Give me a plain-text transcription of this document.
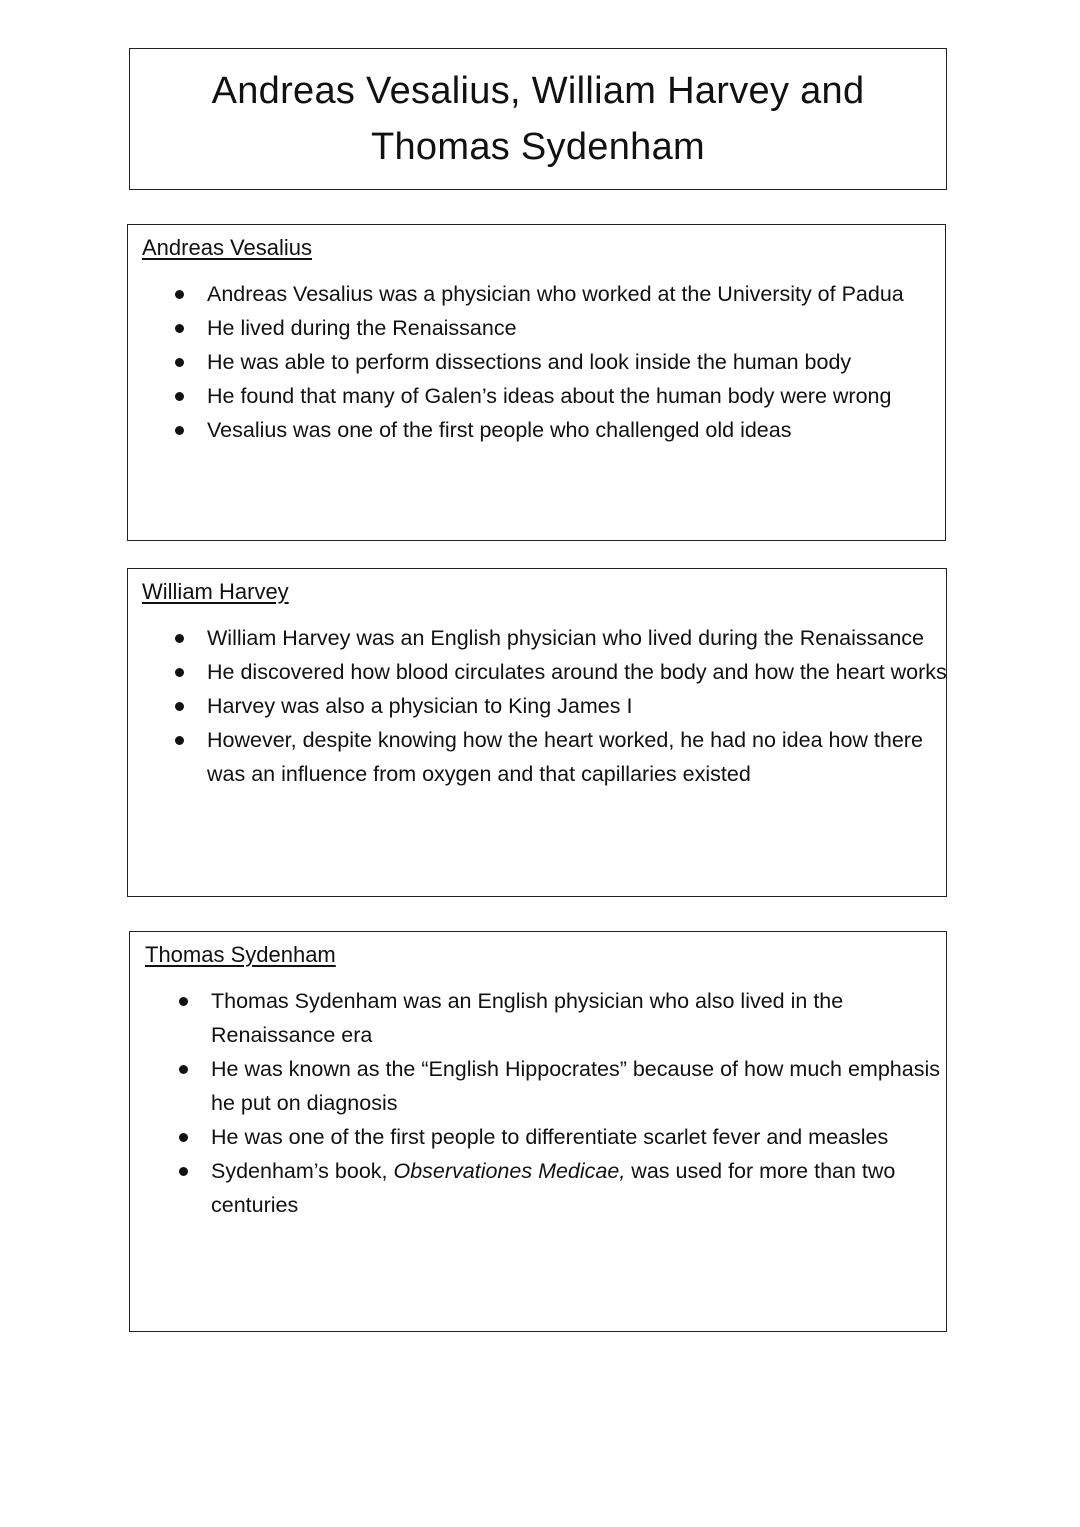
Andreas Vesalius, William Harvey and
Thomas Sydenham
Andreas Vesalius
Andreas Vesalius was a physician who worked at the University of Padua
He lived during the Renaissance
He was able to perform dissections and look inside the human body
He found that many of Galen’s ideas about the human body were wrong
Vesalius was one of the first people who challenged old ideas
William Harvey
William Harvey was an English physician who lived during the Renaissance
He discovered how blood circulates around the body and how the heart works
Harvey was also a physician to King James I
However, despite knowing how the heart worked, he had no idea how there was an influence from oxygen and that capillaries existed
Thomas Sydenham
Thomas Sydenham was an English physician who also lived in the Renaissance era
He was known as the “English Hippocrates” because of how much emphasis he put on diagnosis
He was one of the first people to differentiate scarlet fever and measles
Sydenham’s book, Observationes Medicae, was used for more than two centuries
